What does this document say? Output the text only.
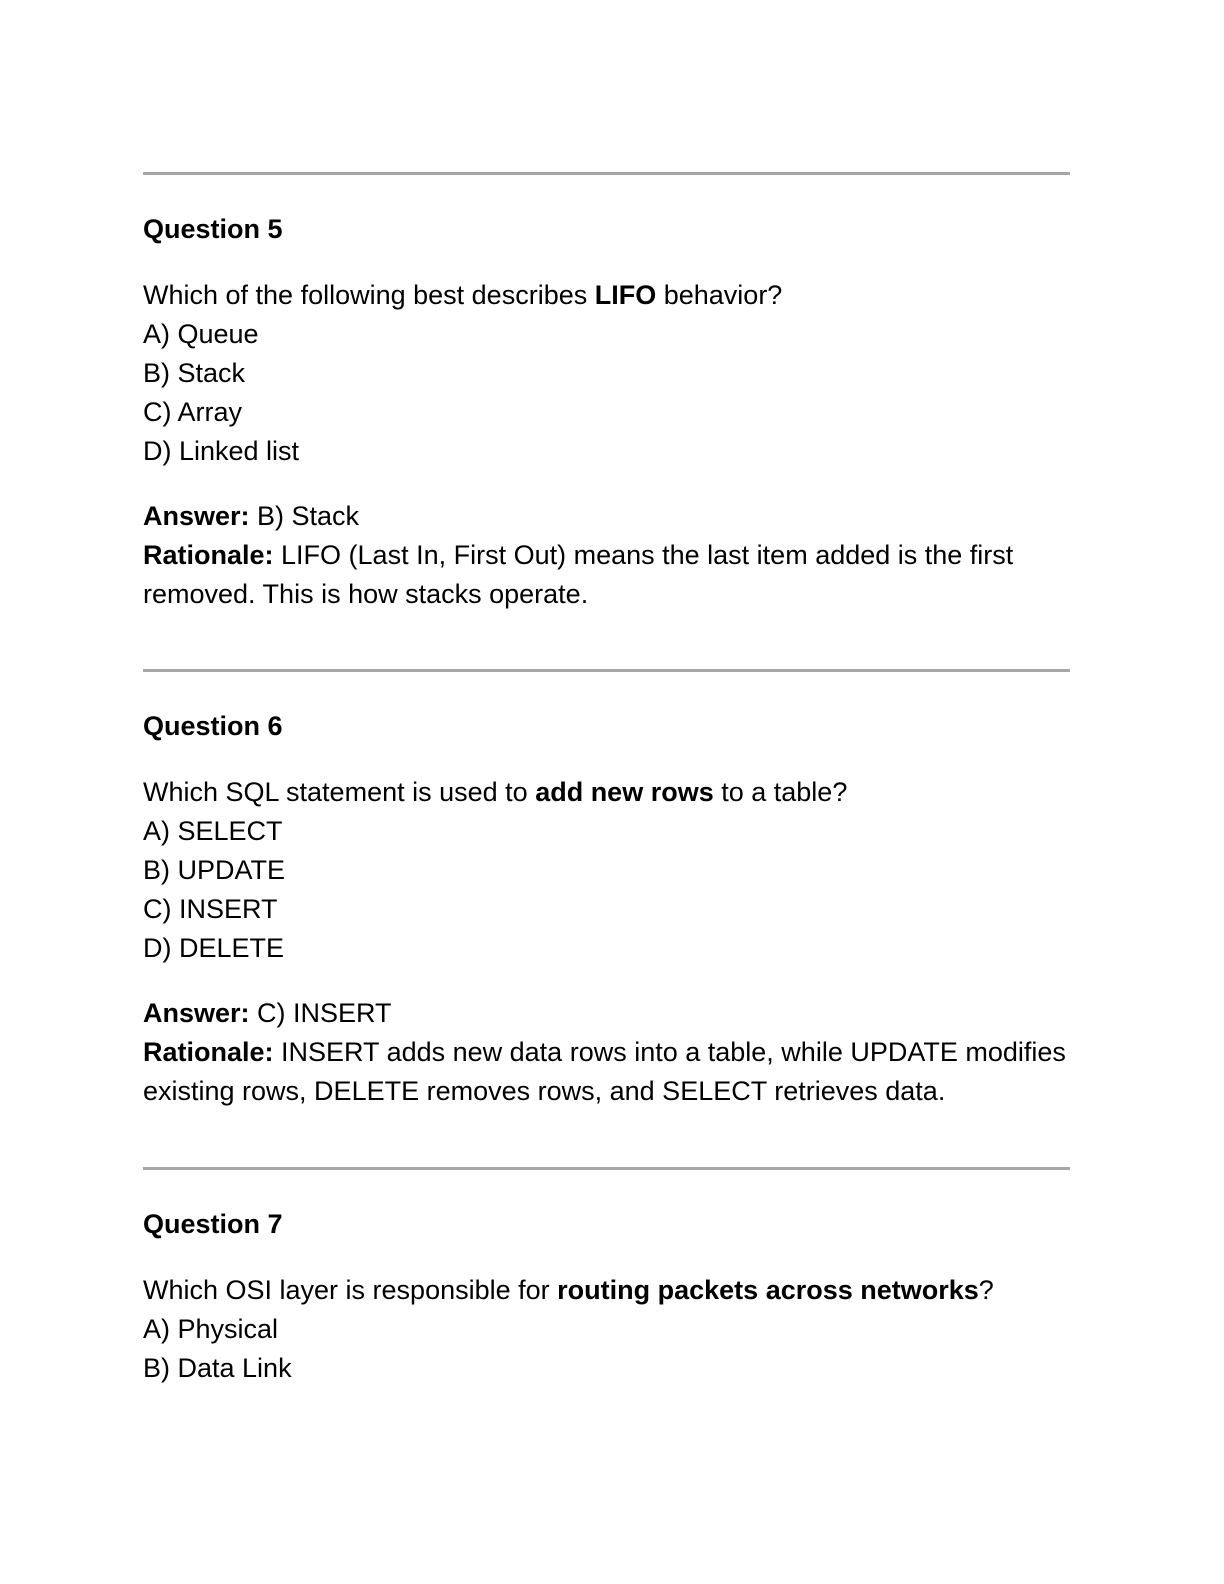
Question 5
Which of the following best describes LIFO behavior?
A) Queue
B) Stack
C) Array
D) Linked list
Answer: B) Stack
Rationale: LIFO (Last In, First Out) means the last item added is the first removed. This is how stacks operate.
Question 6
Which SQL statement is used to add new rows to a table?
A) SELECT
B) UPDATE
C) INSERT
D) DELETE
Answer: C) INSERT
Rationale: INSERT adds new data rows into a table, while UPDATE modifies existing rows, DELETE removes rows, and SELECT retrieves data.
Question 7
Which OSI layer is responsible for routing packets across networks?
A) Physical
B) Data Link
